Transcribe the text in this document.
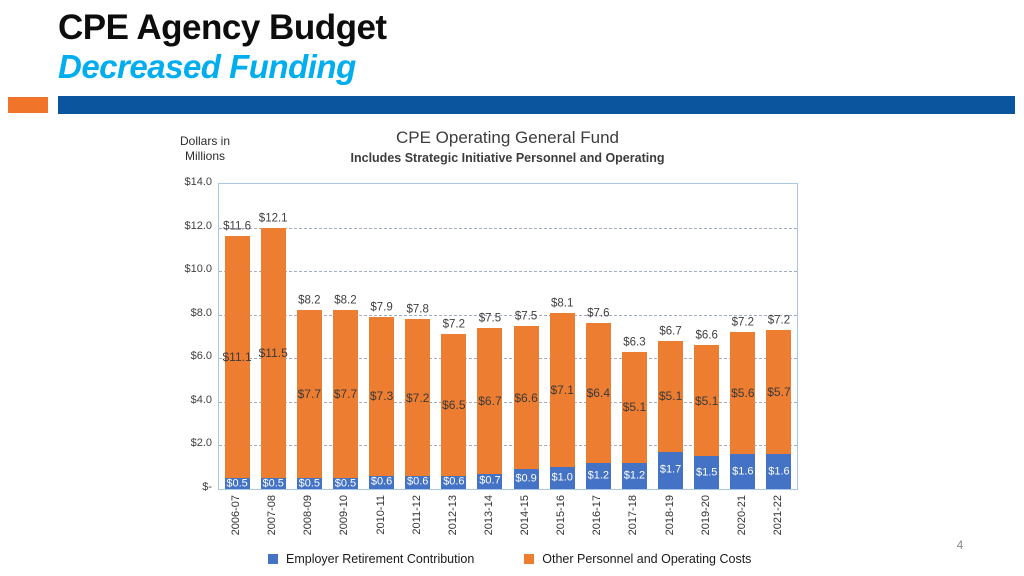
CPE Agency Budget
Decreased Funding
Dollars in
Millions
CPE Operating General Fund
Includes Strategic Initiative Personnel and Operating
$0.5
$11.1
$11.6
$0.5
$11.5
$12.1
$0.5
$7.7
$8.2
$0.5
$7.7
$8.2
$0.6
$7.3
$7.9
$0.6
$7.2
$7.8
$0.6
$6.5
$7.2
$0.7
$6.7
$7.5
$0.9
$6.6
$7.5
$1.0
$7.1
$8.1
$1.2
$6.4
$7.6
$1.2
$5.1
$6.3
$1.7
$5.1
$6.7
$1.5
$5.1
$6.6
$1.6
$5.6
$7.2
$1.6
$5.7
$7.2
$-
$2.0
$4.0
$6.0
$8.0
$10.0
$12.0
$14.0
2006-07 2007-08 2008-09 2009-10 2010-11 2011-12 2012-13 2013-14 2014-15 2015-16 2016-17 2017-18 2018-19 2019-20 2020-21 2021-22
Employer Retirement Contribution	Other Personnel and Operating Costs
4
